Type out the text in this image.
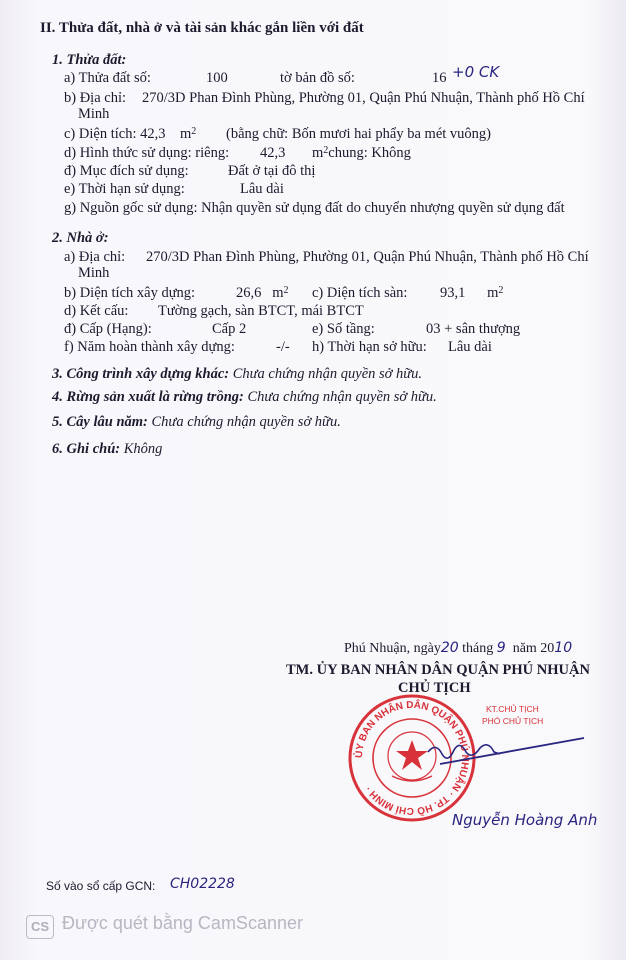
II. Thửa đất, nhà ở và tài sản khác gắn liền với đất
1. Thửa đất:
a) Thửa đất số:	100	tờ bản đồ số:	16 +0 CK
b) Địa chỉ: 270/3D Phan Đình Phùng, Phường 01, Quận Phú Nhuận, Thành phố Hồ Chí
Minh
c) Diện tích: 42,3 $m^2$ (bằng chữ: Bốn mươi hai phẩy ba mét vuông)
d) Hình thức sử dụng: riêng: 42,3 $m^2chung$: Không
đ) Mục đích sử dụng:	Đất ở tại đô thị
e) Thời hạn sử dụng:	Lâu dài
g) Nguồn gốc sử dụng: Nhận quyền sử dụng đất do chuyển nhượng quyền sử dụng đất
2. Nhà ở:
a) Địa chỉ: 270/3D Phan Đình Phùng, Phường 01, Quận Phú Nhuận, Thành phố Hồ Chí
Minh
b) Diện tích xây dựng:	26,6 $m^2$ c) Diện tích sàn: 93,1 $m^2$
d) Kết cấu: Tường gạch, sàn BTCT, mái BTCT
đ) Cấp (Hạng):	Cấp 2	e) Số tầng:	03 + sân thượng
f) Năm hoàn thành xây dựng:	-/- h) Thời hạn sở hữu: Lâu dài
3. Công trình xây dựng khác: Chưa chứng nhận quyền sở hữu.
4. Rừng sản xuất là rừng trồng: Chưa chứng nhận quyền sở hữu.
5. Cây lâu năm: Chưa chứng nhận quyền sở hữu.
6. Ghi chú: Không
Phú Nhuận, ngày20 tháng 9 năm 2010
TM. ỦY BAN NHÂN DÂN QUẬN PHÚ NHUẬN
CHỦ TỊCH
KT.CHỦ TỊCH
PHÓ CHỦ TỊCH
ỦY BAN NHÂN DÂN QUẬN PHÚ NHUẬN · TP. HỒ CHÍ MINH ·
Nguyễn Hoàng Anh
Số vào sổ cấp GCN: CH02228
CS Được quét bằng CamScanner
